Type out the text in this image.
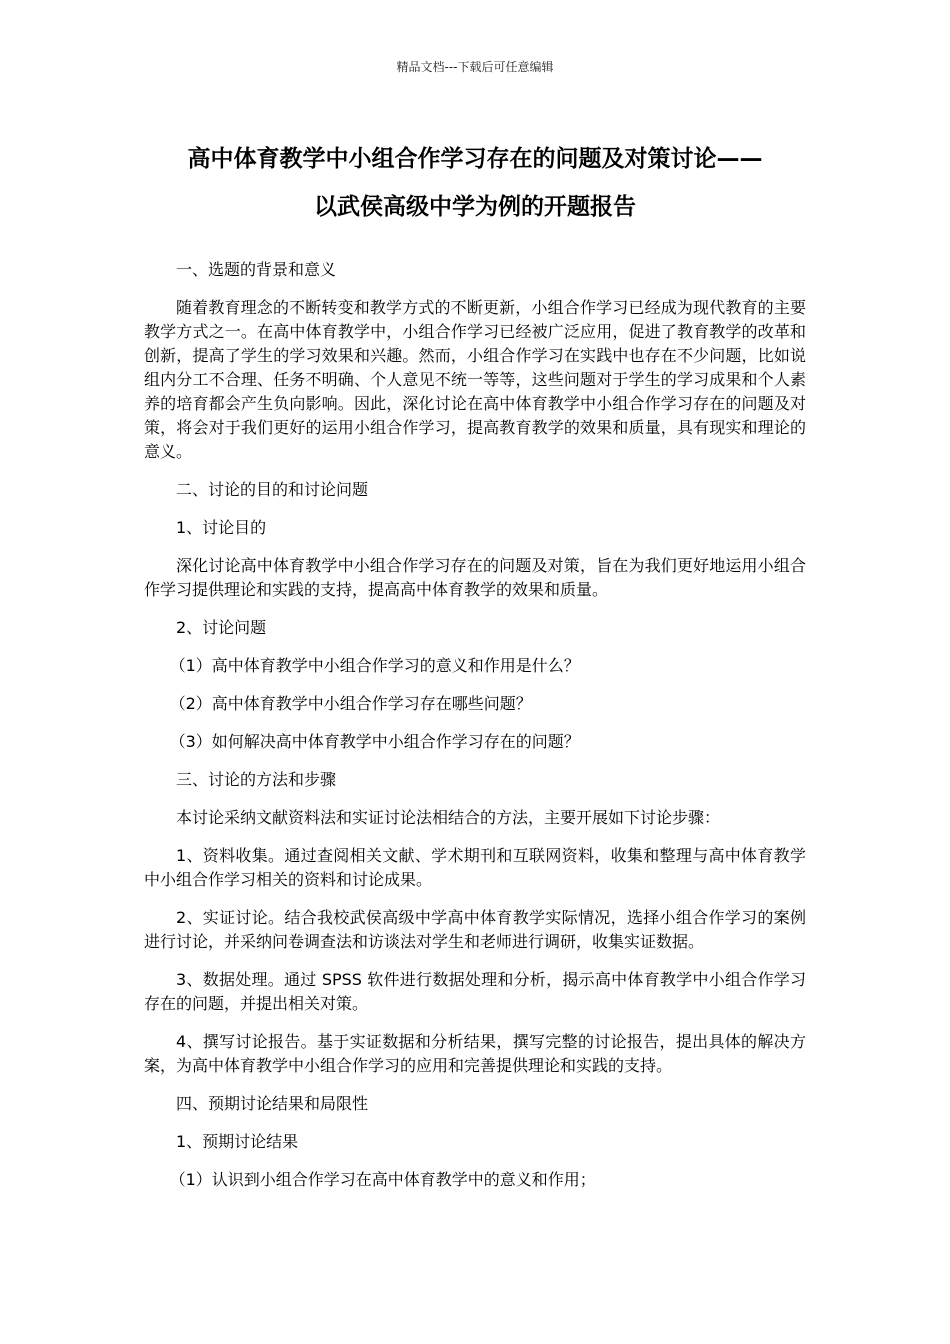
精品文档---下载后可任意编辑
高中体育教学中小组合作学习存在的问题及对策讨论——
以武侯高级中学为例的开题报告

一、选题的背景和意义

随着教育理念的不断转变和教学方式的不断更新，小组合作学习已经成为现代教育的主要教学方式之一。在高中体育教学中，小组合作学习已经被广泛应用，促进了教育教学的改革和创新，提高了学生的学习效果和兴趣。然而，小组合作学习在实践中也存在不少问题，比如说组内分工不合理、任务不明确、个人意见不统一等等，这些问题对于学生的学习成果和个人素养的培育都会产生负向影响。因此，深化讨论在高中体育教学中小组合作学习存在的问题及对策，将会对于我们更好的运用小组合作学习，提高教育教学的效果和质量，具有现实和理论的意义。

二、讨论的目的和讨论问题

1、讨论目的

深化讨论高中体育教学中小组合作学习存在的问题及对策，旨在为我们更好地运用小组合作学习提供理论和实践的支持，提高高中体育教学的效果和质量。

2、讨论问题

（1）高中体育教学中小组合作学习的意义和作用是什么？

（2）高中体育教学中小组合作学习存在哪些问题？

（3）如何解决高中体育教学中小组合作学习存在的问题？

三、讨论的方法和步骤

本讨论采纳文献资料法和实证讨论法相结合的方法，主要开展如下讨论步骤：

1、资料收集。通过查阅相关文献、学术期刊和互联网资料，收集和整理与高中体育教学中小组合作学习相关的资料和讨论成果。

2、实证讨论。结合我校武侯高级中学高中体育教学实际情况，选择小组合作学习的案例进行讨论，并采纳问卷调查法和访谈法对学生和老师进行调研，收集实证数据。

3、数据处理。通过 SPSS 软件进行数据处理和分析，揭示高中体育教学中小组合作学习存在的问题，并提出相关对策。

4、撰写讨论报告。基于实证数据和分析结果，撰写完整的讨论报告，提出具体的解决方案，为高中体育教学中小组合作学习的应用和完善提供理论和实践的支持。

四、预期讨论结果和局限性

1、预期讨论结果

（1）认识到小组合作学习在高中体育教学中的意义和作用；
